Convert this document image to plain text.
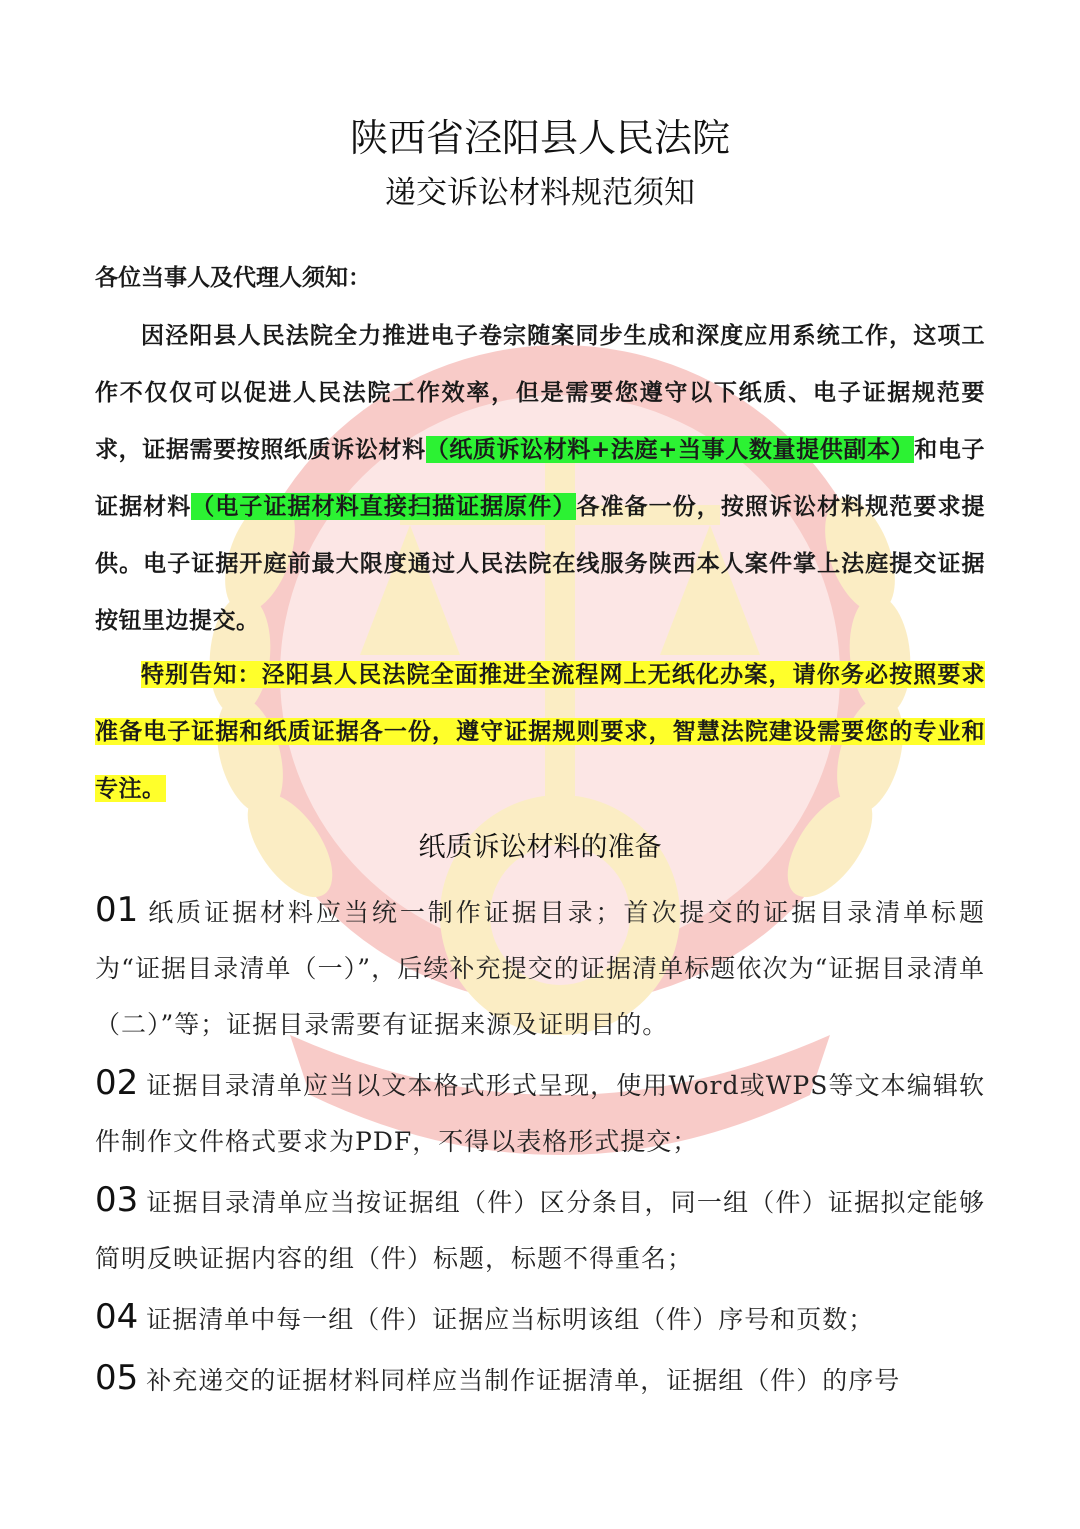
陕西省泾阳县人民法院
递交诉讼材料规范须知
各位当事人及代理人须知：
因泾阳县人民法院全力推进电子卷宗随案同步生成和深度应用系统工作，这项工作不仅仅可以促进人民法院工作效率，但是需要您遵守以下纸质、电子证据规范要求，证据需要按照纸质诉讼材料（纸质诉讼材料+法庭+当事人数量提供副本）和电子证据材料（电子证据材料直接扫描证据原件）各准备一份，按照诉讼材料规范要求提供。电子证据开庭前最大限度通过人民法院在线服务陕西本人案件掌上法庭提交证据按钮里边提交。
特别告知：泾阳县人民法院全面推进全流程网上无纸化办案，请你务必按照要求准备电子证据和纸质证据各一份，遵守证据规则要求，智慧法院建设需要您的专业和专注。
纸质诉讼材料的准备
01 纸质证据材料应当统一制作证据目录；首次提交的证据目录清单标题为“证据目录清单（一）”，后续补充提交的证据清单标题依次为“证据目录清单（二）”等；证据目录需要有证据来源及证明目的。
02 证据目录清单应当以文本格式形式呈现，使用Word或WPS等文本编辑软件制作文件格式要求为PDF，不得以表格形式提交；
03 证据目录清单应当按证据组（件）区分条目，同一组（件）证据拟定能够简明反映证据内容的组（件）标题，标题不得重名；
04 证据清单中每一组（件）证据应当标明该组（件）序号和页数；
05 补充递交的证据材料同样应当制作证据清单，证据组（件）的序号
